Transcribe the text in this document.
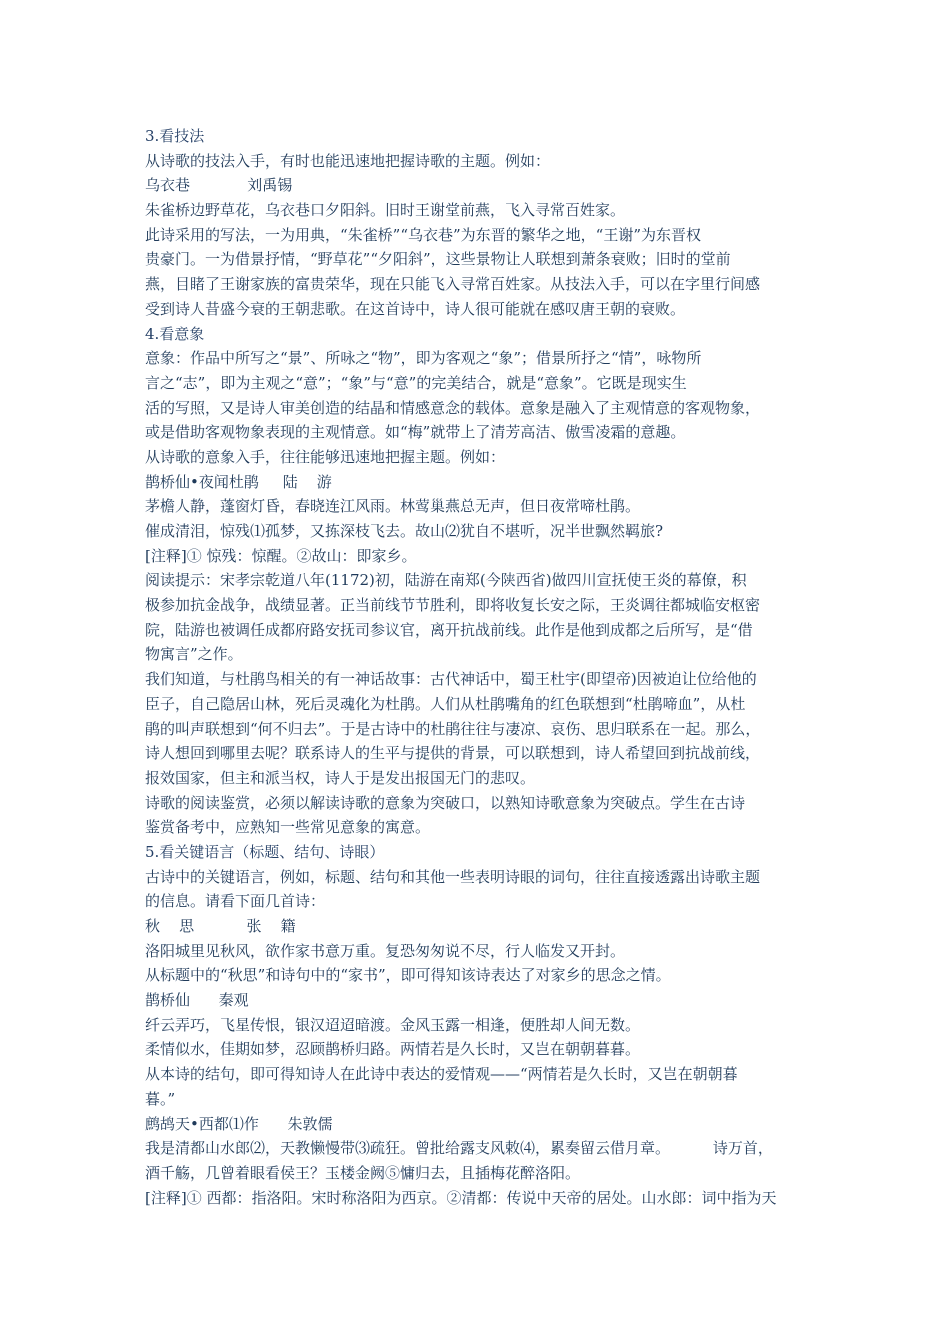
3.看技法
从诗歌的技法入手，有时也能迅速地把握诗歌的主题。例如：
乌衣巷            刘禹锡
朱雀桥边野草花，乌衣巷口夕阳斜。旧时王谢堂前燕，飞入寻常百姓家。
此诗采用的写法，一为用典，“朱雀桥”“乌衣巷”为东晋的繁华之地，“王谢”为东晋权
贵豪门。一为借景抒情，“野草花”“夕阳斜”，这些景物让人联想到萧条衰败；旧时的堂前
燕，目睹了王谢家族的富贵荣华，现在只能飞入寻常百姓家。从技法入手，可以在字里行间感
受到诗人昔盛今衰的王朝悲歌。在这首诗中，诗人很可能就在感叹唐王朝的衰败。
4.看意象
意象：作品中所写之“景”、所咏之“物”，即为客观之“象”；借景所抒之“情”，咏物所
言之“志”，即为主观之“意”；“象”与“意”的完美结合，就是“意象”。它既是现实生
活的写照，又是诗人审美创造的结晶和情感意念的载体。意象是融入了主观情意的客观物象，
或是借助客观物象表现的主观情意。如“梅”就带上了清芳高洁、傲雪凌霜的意趣。
从诗歌的意象入手，往往能够迅速地把握主题。例如：
鹊桥仙•夜闻杜鹃     陆    游
茅檐人静，蓬窗灯昏，春晓连江风雨。林莺巢燕总无声，但日夜常啼杜鹃。
催成清泪，惊残⑴孤梦，又拣深枝飞去。故山⑵犹自不堪听，况半世飘然羁旅?
[注释]① 惊残：惊醒。②故山：即家乡。
阅读提示：宋孝宗乾道八年(1172)初，陆游在南郑(今陕西省)做四川宣抚使王炎的幕僚，积
极参加抗金战争，战绩显著。正当前线节节胜利，即将收复长安之际，王炎调往都城临安枢密
院，陆游也被调任成都府路安抚司参议官，离开抗战前线。此作是他到成都之后所写，是“借
物寓言”之作。
我们知道，与杜鹃鸟相关的有一神话故事：古代神话中，蜀王杜宇(即望帝)因被迫让位给他的
臣子，自己隐居山林，死后灵魂化为杜鹃。人们从杜鹃嘴角的红色联想到“杜鹃啼血”，从杜
鹃的叫声联想到“何不归去”。于是古诗中的杜鹃往往与凄凉、哀伤、思归联系在一起。那么，
诗人想回到哪里去呢？联系诗人的生平与提供的背景，可以联想到，诗人希望回到抗战前线，
报效国家，但主和派当权，诗人于是发出报国无门的悲叹。
诗歌的阅读鉴赏，必须以解读诗歌的意象为突破口，以熟知诗歌意象为突破点。学生在古诗
鉴赏备考中，应熟知一些常见意象的寓意。
5.看关键语言（标题、结句、诗眼）
古诗中的关键语言，例如，标题、结句和其他一些表明诗眼的词句，往往直接透露出诗歌主题
的信息。请看下面几首诗：
秋    思           张    籍
洛阳城里见秋风，欲作家书意万重。复恐匆匆说不尽，行人临发又开封。
从标题中的“秋思”和诗句中的“家书”，即可得知该诗表达了对家乡的思念之情。
鹊桥仙      秦观
纤云弄巧，飞星传恨，银汉迢迢暗渡。金风玉露一相逢，便胜却人间无数。
柔情似水，佳期如梦，忍顾鹊桥归路。两情若是久长时，又岂在朝朝暮暮。
从本诗的结句，即可得知诗人在此诗中表达的爱情观——“两情若是久长时，又岂在朝朝暮
暮。”
鹧鸪天•西都⑴作      朱敦儒
我是清都山水郎⑵，天教懒慢带⑶疏狂。曾批给露支风敕⑷，累奏留云借月章。         诗万首，
酒千觞，几曾着眼看侯王？玉楼金阙⑤慵归去，且插梅花醉洛阳。
[注释]① 西都：指洛阳。宋时称洛阳为西京。②清都：传说中天帝的居处。山水郎：词中指为天
